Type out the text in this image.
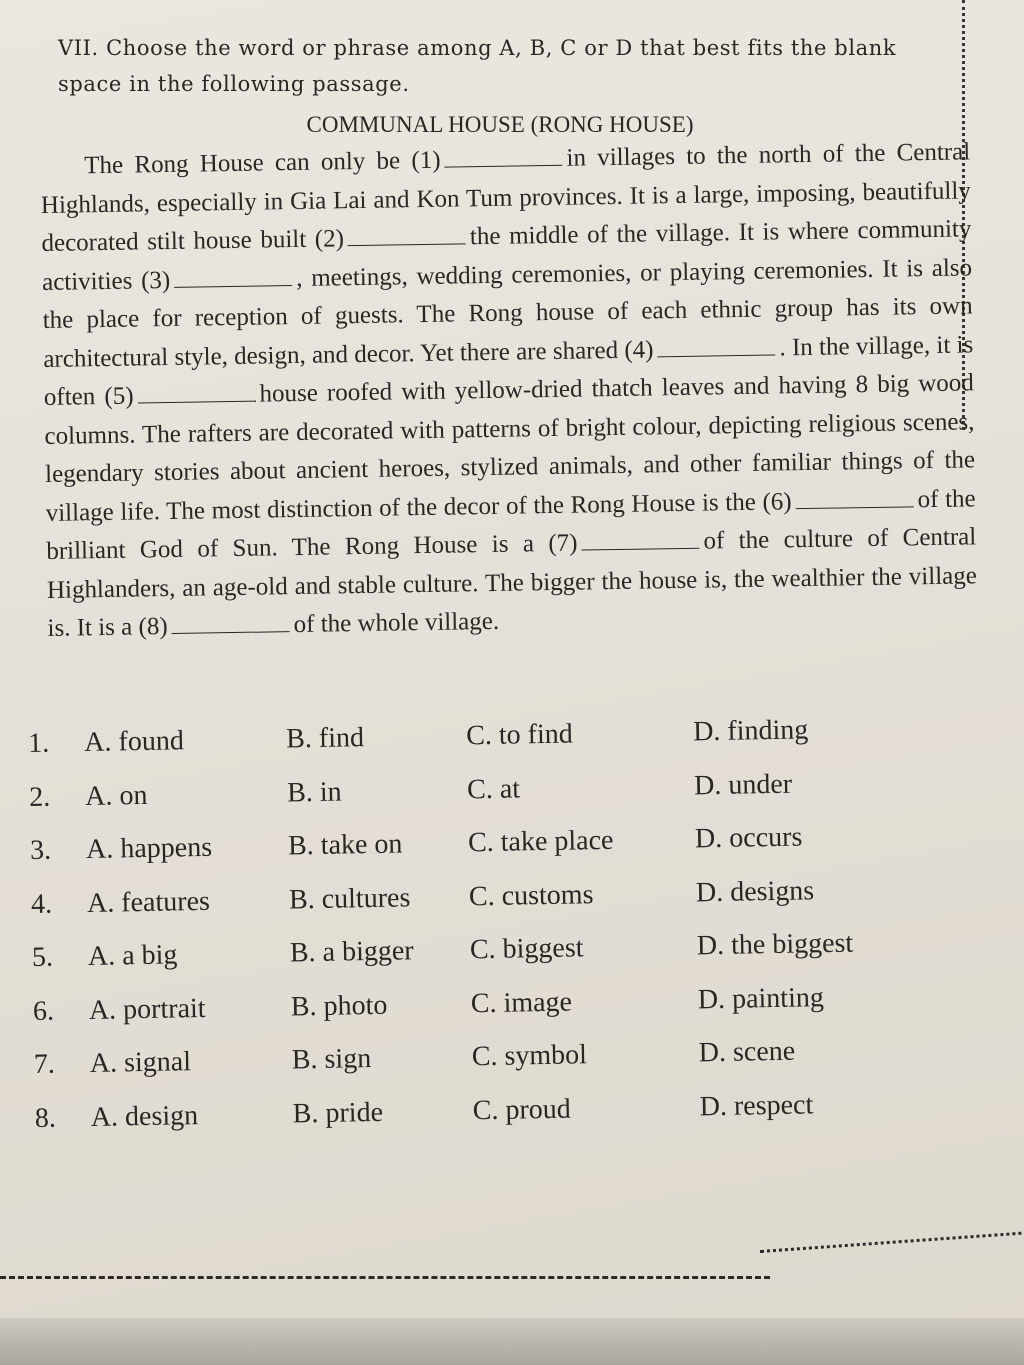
VII. Choose the word or phrase among A, B, C or D that best fits the blank space in the following passage.
COMMUNAL HOUSE (RONG HOUSE)
The Rong House can only be (1)	in villages to the north of the Central Highlands, especially in Gia Lai and Kon Tum provinces. It is a large, imposing, beautifully decorated stilt house built (2)	the middle of the village. It is where community activities (3)	, meetings, wedding ceremonies, or playing ceremonies. It is also the place for reception of guests. The Rong house of each ethnic group has its own architectural style, design, and decor. Yet there are shared (4)	. In the village, it is often (5)	house roofed with yellow-dried thatch leaves and having 8 big wood columns. The rafters are decorated with patterns of bright colour, depicting religious scenes, legendary stories about ancient heroes, stylized animals, and other familiar things of the village life. The most distinction of the decor of the Rong House is the (6)	of the brilliant God of Sun. The Rong House is a (7)	of the culture of Central Highlanders, an age-old and stable culture. The bigger the house is, the wealthier the village is. It is a (8)	of the whole village.
1. A. found	B. find	C. to find	D. finding
2. A. on	B. in	C. at	D. under
3. A. happens	B. take on C. take place	D. occurs
4. A. features	B. cultures C. customs	D. designs
5. A. a big	B. a bigger C. biggest	D. the biggest
6. A. portrait	B. photo	C. image	D. painting
7. A. signal	B. sign	C. symbol	D. scene
8. A. design	B. pride	C. proud	D. respect
